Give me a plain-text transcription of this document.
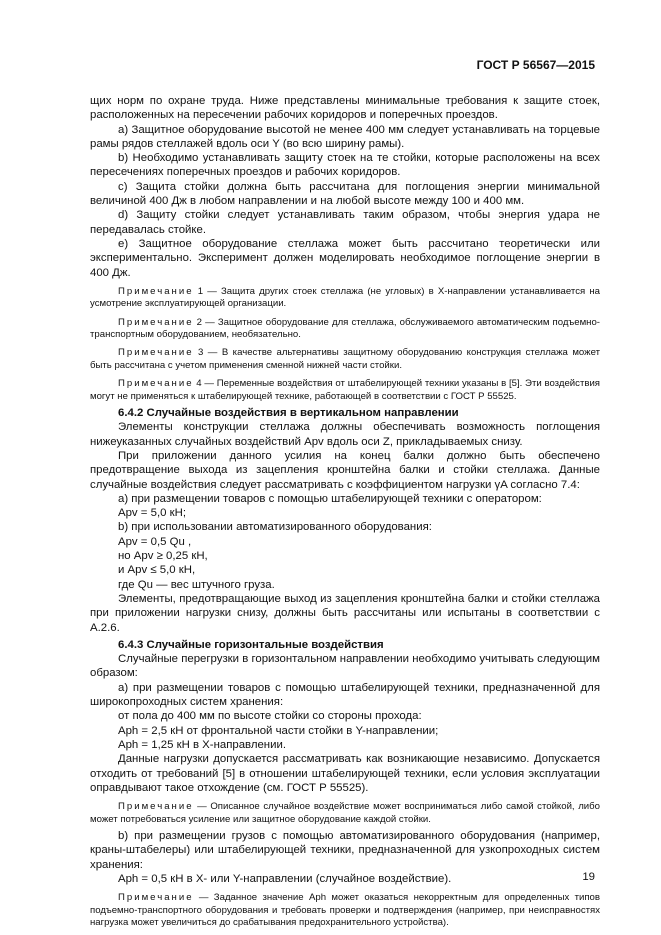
ГОСТ Р 56567—2015

щих норм по охране труда. Ниже представлены минимальные требования к защите стоек, расположенных на пересечении рабочих коридоров и поперечных проездов.

a) Защитное оборудование высотой не менее 400 мм следует устанавливать на торцевые рамы рядов стеллажей вдоль оси Y (во всю ширину рамы).

b) Необходимо устанавливать защиту стоек на те стойки, которые расположены на всех пересечениях поперечных проездов и рабочих коридоров.

c) Защита стойки должна быть рассчитана для поглощения энергии минимальной величиной 400 Дж в любом направлении и на любой высоте между 100 и 400 мм.

d) Защиту стойки следует устанавливать таким образом, чтобы энергия удара не передавалась стойке.

e) Защитное оборудование стеллажа может быть рассчитано теоретически или экспериментально. Эксперимент должен моделировать необходимое поглощение энергии в 400 Дж.

Примечание 1 — Защита других стоек стеллажа (не угловых) в X-направлении устанавливается на усмотрение эксплуатирующей организации.

Примечание 2 — Защитное оборудование для стеллажа, обслуживаемого автоматическим подъемно-транспортным оборудованием, необязательно.

Примечание 3 — В качестве альтернативы защитному оборудованию конструкция стеллажа может быть рассчитана с учетом применения сменной нижней части стойки.

Примечание 4 — Переменные воздействия от штабелирующей техники указаны в [5]. Эти воздействия могут не применяться к штабелирующей технике, работающей в соответствии с ГОСТ Р 55525.

6.4.2 Случайные воздействия в вертикальном направлении

Элементы конструкции стеллажа должны обеспечивать возможность поглощения нижеуказанных случайных воздействий Apv вдоль оси Z, прикладываемых снизу.

При приложении данного усилия на конец балки должно быть обеспечено предотвращение выхода из зацепления кронштейна балки и стойки стеллажа. Данные случайные воздействия следует рассматривать с коэффициентом нагрузки γA согласно 7.4:

a) при размещении товаров с помощью штабелирующей техники с оператором:

Apv = 5,0 кН;

b) при использовании автоматизированного оборудования:

Apv = 0,5 Qu ,

но Apv ≥ 0,25 кН,

и Apv ≤ 5,0 кН,

где Qu — вес штучного груза.

Элементы, предотвращающие выход из зацепления кронштейна балки и стойки стеллажа при приложении нагрузки снизу, должны быть рассчитаны или испытаны в соответствии с А.2.6.

6.4.3 Случайные горизонтальные воздействия

Случайные перегрузки в горизонтальном направлении необходимо учитывать следующим образом:

a) при размещении товаров с помощью штабелирующей техники, предназначенной для широкопроходных систем хранения:

от пола до 400 мм по высоте стойки со стороны прохода:

Aph = 2,5 кН от фронтальной части стойки в Y-направлении;

Aph = 1,25 кН в X-направлении.

Данные нагрузки допускается рассматривать как возникающие независимо. Допускается отходить от требований [5] в отношении штабелирующей техники, если условия эксплуатации оправдывают такое отхождение (см. ГОСТ Р 55525).

Примечание — Описанное случайное воздействие может восприниматься либо самой стойкой, либо может потребоваться усиление или защитное оборудование каждой стойки.

b) при размещении грузов с помощью автоматизированного оборудования (например, краны-штабелеры) или штабелирующей техники, предназначенной для узкопроходных систем хранения:

Aph = 0,5 кН в X- или Y-направлении (случайное воздействие).

Примечание — Заданное значение Aph может оказаться некорректным для определенных типов подъемно-транспортного оборудования и требовать проверки и подтверждения (например, при неисправностях нагрузка может увеличиться до срабатывания предохранительного устройства).

19
